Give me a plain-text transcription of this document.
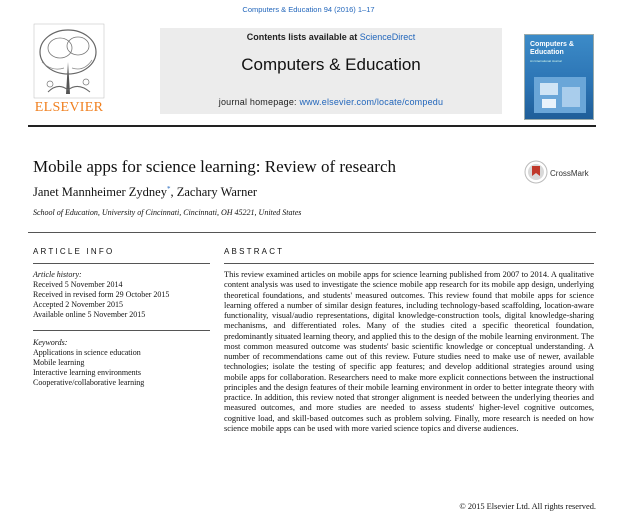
Computers & Education 94 (2016) 1–17
ELSEVIER
Contents lists available at ScienceDirect
Computers & Education
journal homepage: www.elsevier.com/locate/compedu
Computers & Education
An International Journal
Mobile apps for science learning: Review of research
Janet Mannheimer Zydney*, Zachary Warner
School of Education, University of Cincinnati, Cincinnati, OH 45221, United States
CrossMark
ARTICLE INFO	ABSTRACT
Article history:
Received 5 November 2014
Received in revised form 29 October 2015
Accepted 2 November 2015
Available online 5 November 2015
Keywords:
Applications in science education
Mobile learning
Interactive learning environments
Cooperative/collaborative learning
This review examined articles on mobile apps for science learning published from 2007 to 2014. A qualitative content analysis was used to investigate the science mobile app research for its mobile app design, underlying theoretical foundations, and students' measured outcomes. This review found that mobile apps for science learning offered a number of similar design features, including technology-based scaffolding, location-aware functionality, visual/audio representations, digital knowledge-construction tools, digital knowledge-sharing mechanisms, and differentiated roles. Many of the studies cited a specific theoretical foundation, predominantly situated learning theory, and applied this to the design of the mobile learning environment. The most common measured outcome was students' basic scientific knowledge or conceptual understanding. A number of recommendations came out of this review. Future studies need to make use of newer, available technologies; isolate the testing of specific app features; and develop additional strategies around using mobile apps for collaboration. Researchers need to make more explicit connections between the instructional principles and the design features of their mobile learning environment in order to better integrate theory with practice. In addition, this review noted that stronger alignment is needed between the underlying theories and measured outcomes, and more studies are needed to assess students' higher-level cognitive outcomes, cognitive load, and skill-based outcomes such as problem solving. Finally, more research is needed on how science mobile apps can be used with more varied science topics and diverse audiences.
© 2015 Elsevier Ltd. All rights reserved.
